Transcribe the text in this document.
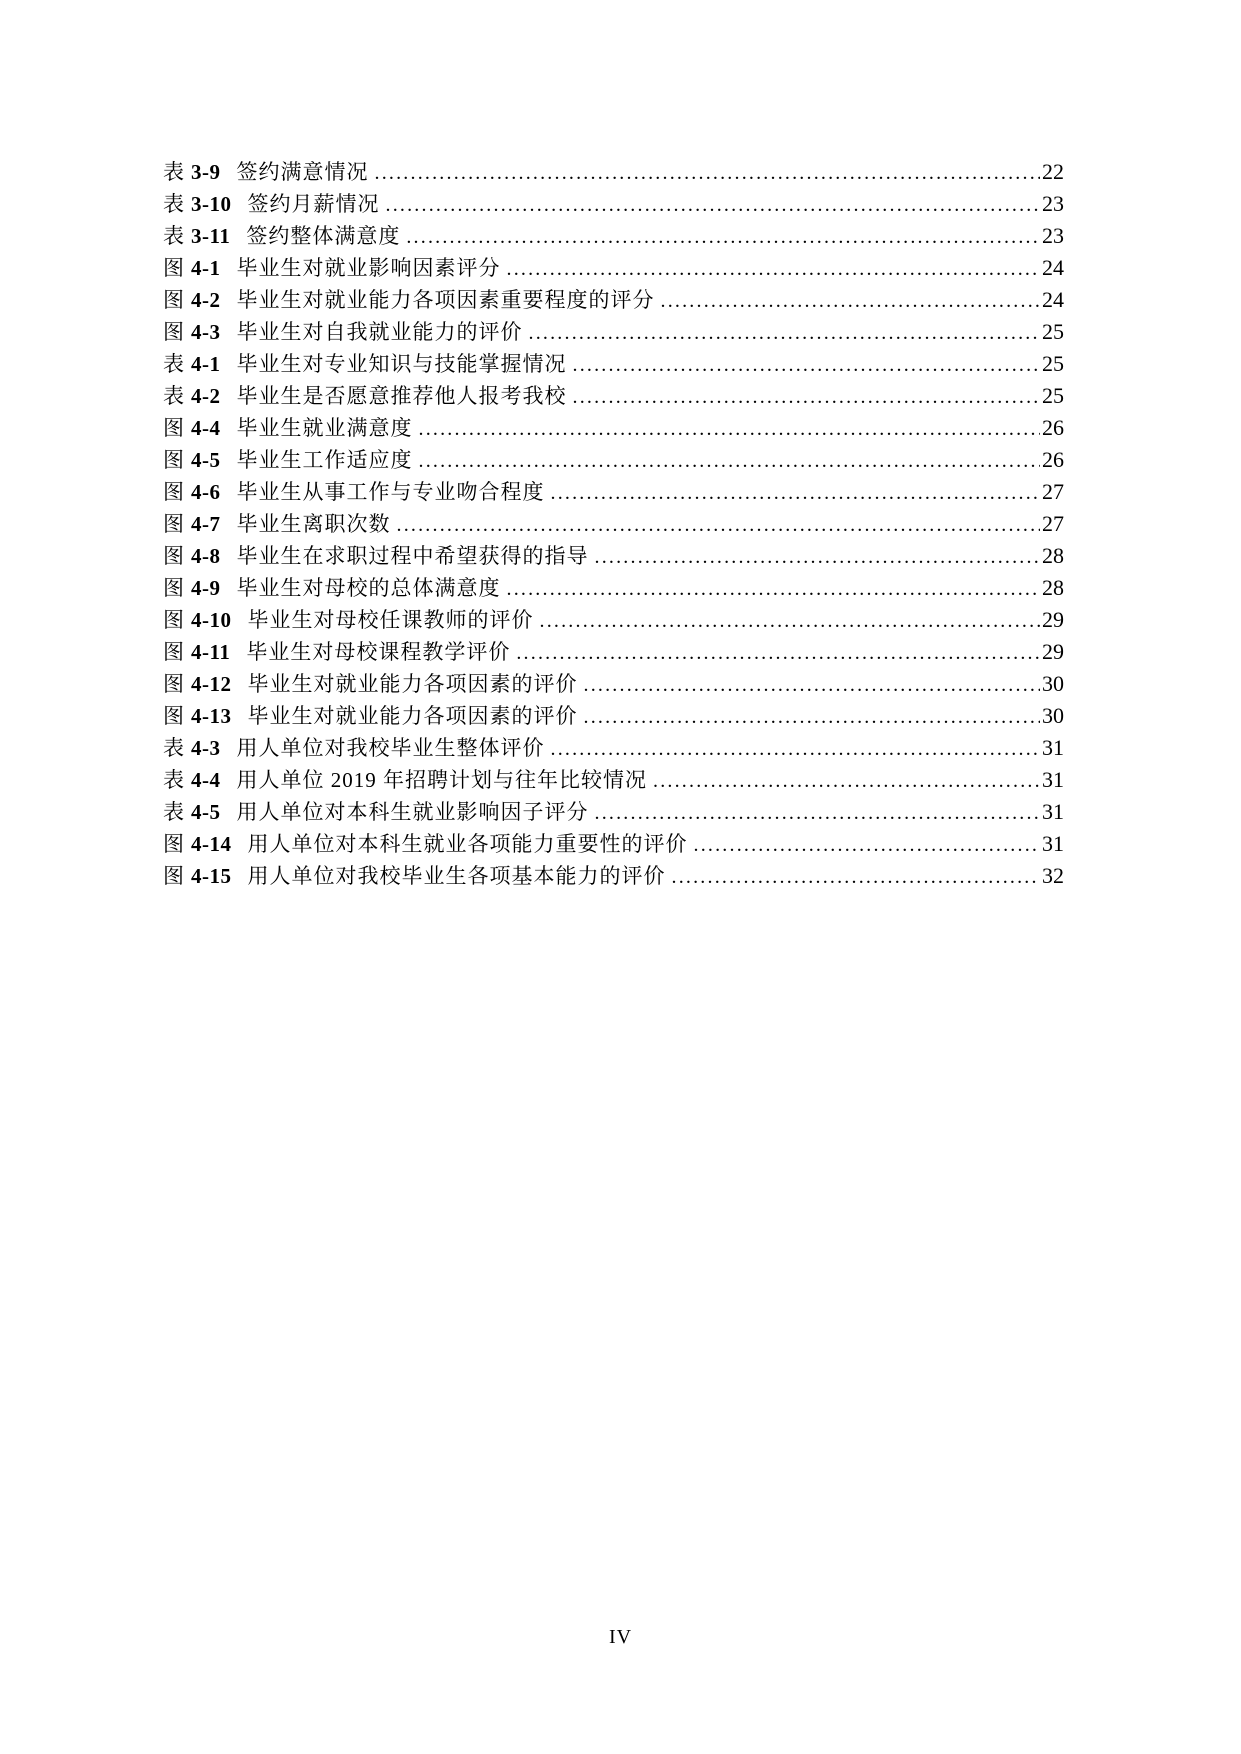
表 3-9 签约满意情况 .....	22
表 3-10 签约月薪情况 .....	23
表 3-11 签约整体满意度 .....	23
图 4-1 毕业生对就业影响因素评分 .....	24
图 4-2 毕业生对就业能力各项因素重要程度的评分 .....	24
图 4-3 毕业生对自我就业能力的评价 .....	25
表 4-1 毕业生对专业知识与技能掌握情况 .....	25
表 4-2 毕业生是否愿意推荐他人报考我校 .....	25
图 4-4 毕业生就业满意度 .....	26
图 4-5 毕业生工作适应度 .....	26
图 4-6 毕业生从事工作与专业吻合程度 .....	27
图 4-7 毕业生离职次数 .....	27
图 4-8 毕业生在求职过程中希望获得的指导 .....	28
图 4-9 毕业生对母校的总体满意度 .....	28
图 4-10 毕业生对母校任课教师的评价 .....	29
图 4-11 毕业生对母校课程教学评价 .....	29
图 4-12 毕业生对就业能力各项因素的评价 .....	30
图 4-13 毕业生对就业能力各项因素的评价 .....	30
表 4-3 用人单位对我校毕业生整体评价 .....	31
表 4-4 用人单位 2019 年招聘计划与往年比较情况 .....	31
表 4-5 用人单位对本科生就业影响因子评分 .....	31
图 4-14 用人单位对本科生就业各项能力重要性的评价 .....	31
图 4-15 用人单位对我校毕业生各项基本能力的评价 .....	32
IV
